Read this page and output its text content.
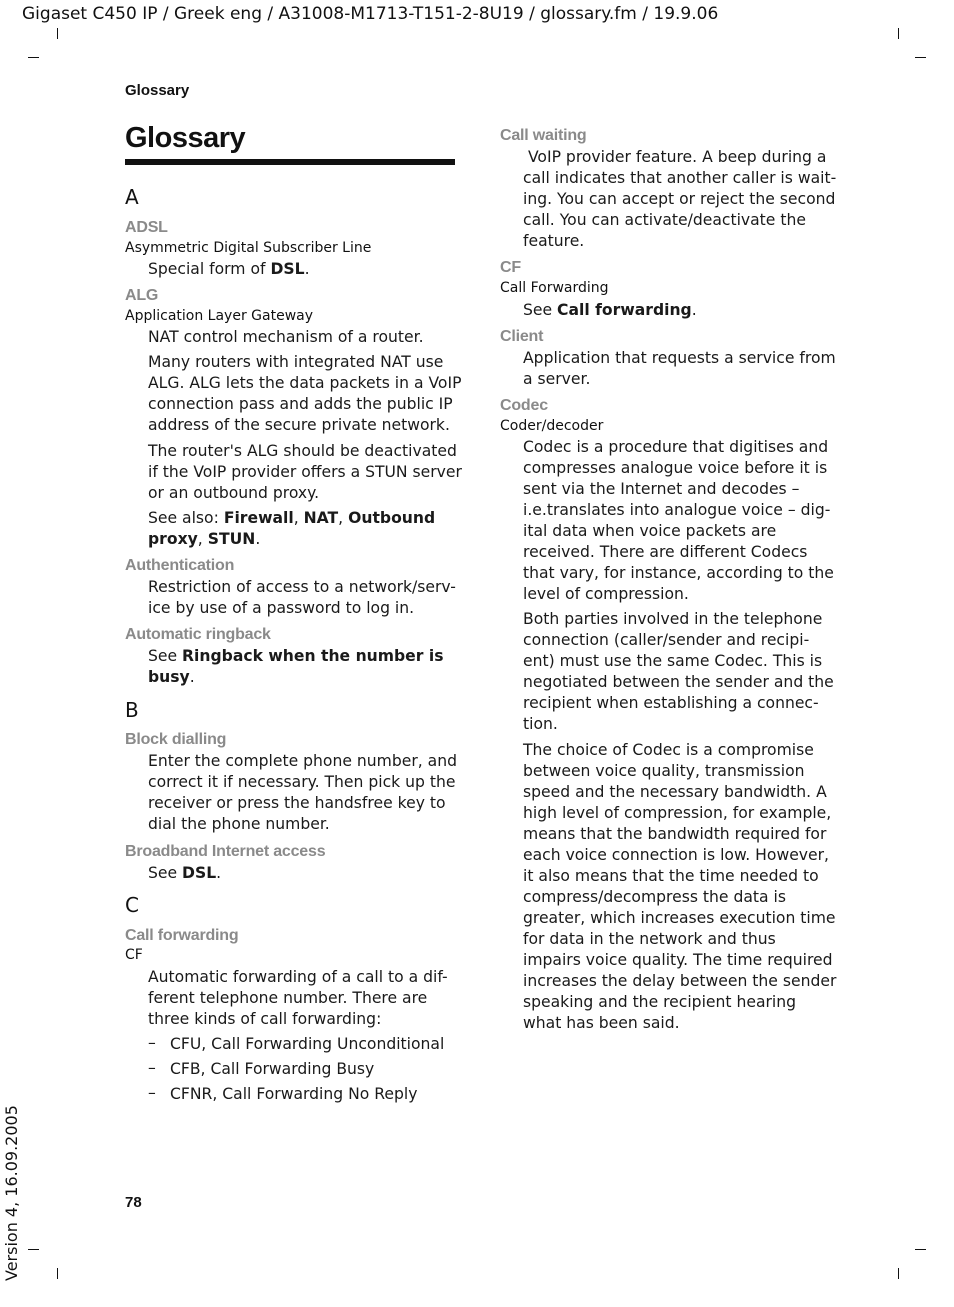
Gigaset C450 IP / Greek eng / A31008-M1713-T151-2-8U19 / glossary.fm / 19.9.06
Glossary
Glossary
A
ADSL
Asymmetric Digital Subscriber Line
Special form of DSL.
ALG
Application Layer Gateway
NAT control mechanism of a router.
Many routers with integrated NAT use ALG. ALG lets the data packets in a VoIP connection pass and adds the public IP address of the secure private network.
The router's ALG should be deactivated if the VoIP provider offers a STUN server or an outbound proxy.
See also: Firewall, NAT, Outbound proxy, STUN.
Authentication
Restriction of access to a network/serv-ice by use of a password to log in.
Automatic ringback
See Ringback when the number is busy.
B
Block dialling
Enter the complete phone number, and correct it if necessary. Then pick up the receiver or press the handsfree key to dial the phone number.
Broadband Internet access
See DSL.
C
Call forwarding
CF
Automatic forwarding of a call to a dif-ferent telephone number. There are three kinds of call forwarding:
– CFU, Call Forwarding Unconditional
– CFB, Call Forwarding Busy
– CFNR, Call Forwarding No Reply
Call waiting
VoIP provider feature. A beep during a call indicates that another caller is wait-ing. You can accept or reject the second call. You can activate/deactivate the feature.
CF
Call Forwarding
See Call forwarding.
Client
Application that requests a service from a server.
Codec
Coder/decoder
Codec is a procedure that digitises and compresses analogue voice before it is sent via the Internet and decodes – i.e.translates into analogue voice – dig-ital data when voice packets are received. There are different Codecs that vary, for instance, according to the level of compression.
Both parties involved in the telephone connection (caller/sender and recipi-ent) must use the same Codec. This is negotiated between the sender and the recipient when establishing a connec-tion.
The choice of Codec is a compromise between voice quality, transmission speed and the necessary bandwidth. A high level of compression, for example, means that the bandwidth required for each voice connection is low. However, it also means that the time needed to compress/decompress the data is greater, which increases execution time for data in the network and thus impairs voice quality. The time required increases the delay between the sender speaking and the recipient hearing what has been said.
78
Version 4, 16.09.2005
